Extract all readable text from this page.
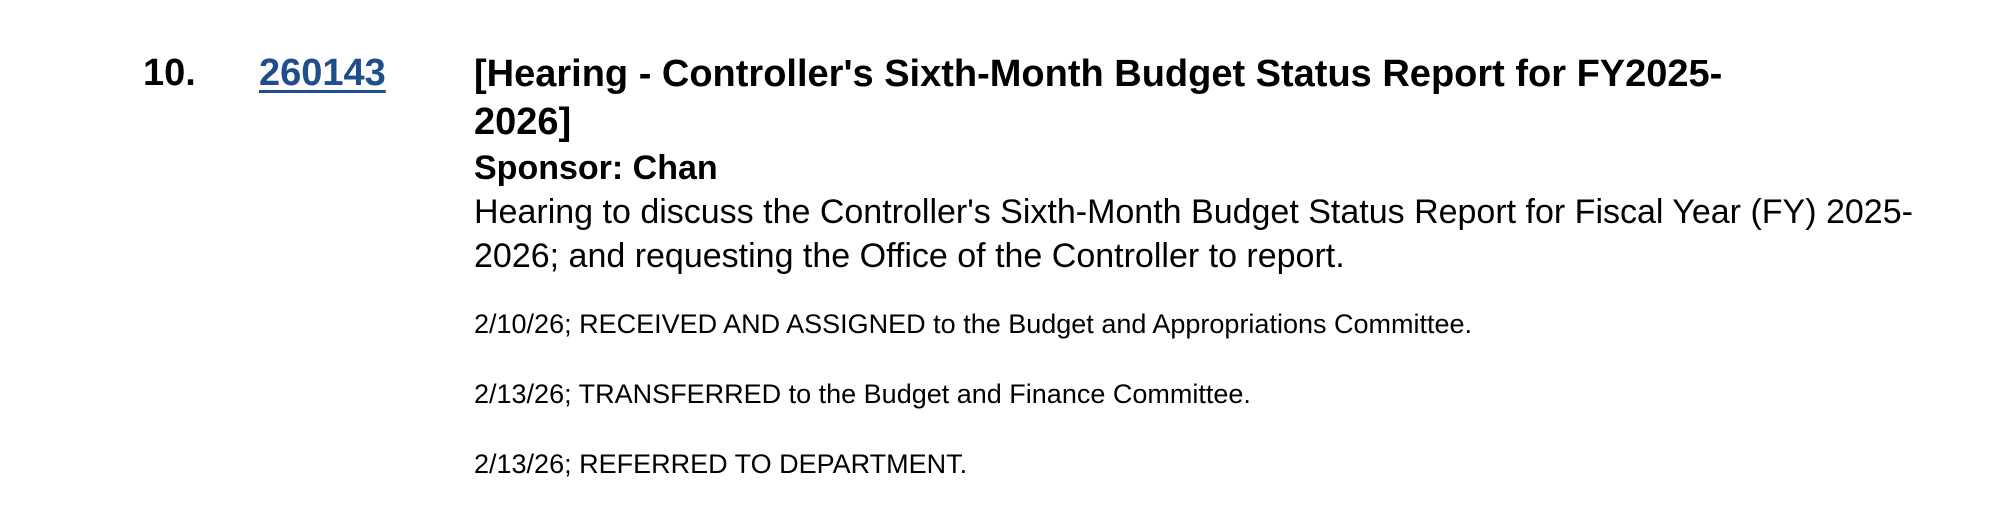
10. 260143 [Hearing - Controller's Sixth-Month Budget Status Report for FY2025-2026]

Sponsor: Chan

Hearing to discuss the Controller's Sixth-Month Budget Status Report for Fiscal Year (FY) 2025-2026; and requesting the Office of the Controller to report.

2/10/26; RECEIVED AND ASSIGNED to the Budget and Appropriations Committee.

2/13/26; TRANSFERRED to the Budget and Finance Committee.

2/13/26; REFERRED TO DEPARTMENT.
